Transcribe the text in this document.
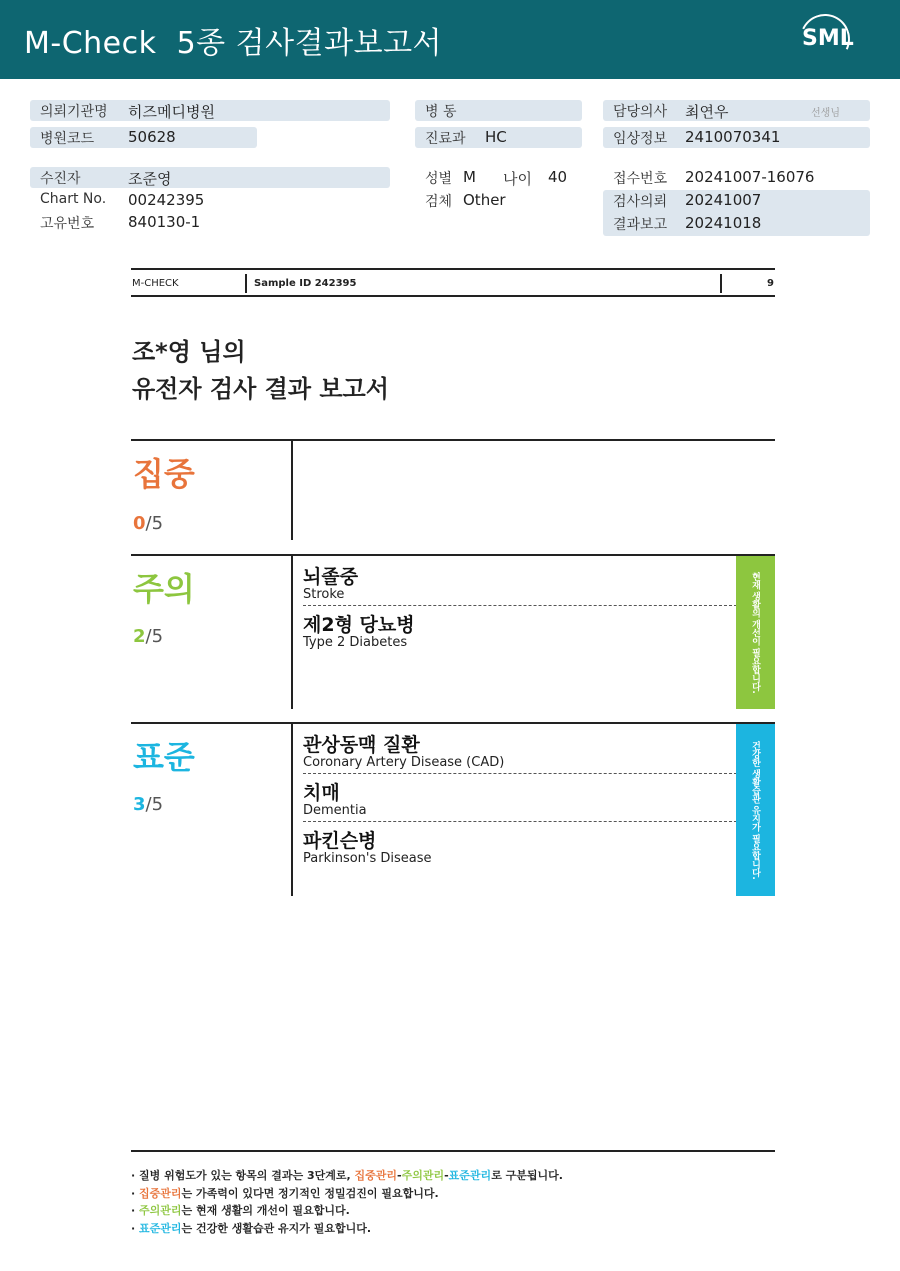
M-Check  5종 검사결과보고서	SML
의뢰기관명 히즈메디병원
병원코드 50628
수진자	조준영
Chart No. 00242395
고유번호 840130-1
병 동
진료과 HC
성별 M 나이 40
검체 Other
담당의사 최연우	선생님
임상정보 2410070341
접수번호 20241007-16076
검사의뢰 20241007
결과보고 20241018
M-CHECK	Sample ID 242395	9
조*영 님의
유전자 검사 결과 보고서
집중
0/5
주의
2/5
뇌졸중
Stroke
제2형 당뇨병
Type 2 Diabetes	현재 생활의 개선이 필요합니다.
표준
3/5
관상동맥 질환
Coronary Artery Disease (CAD)
치매
Dementia
파킨슨병
Parkinson's Disease	건강한 생활습관 유지가 필요합니다.
· 질병 위험도가 있는 항목의 결과는 3단계로, 집중관리-주의관리-표준관리로 구분됩니다.
· 집중관리는 가족력이 있다면 정기적인 정밀검진이 필요합니다.
· 주의관리는 현재 생활의 개선이 필요합니다.
· 표준관리는 건강한 생활습관 유지가 필요합니다.
